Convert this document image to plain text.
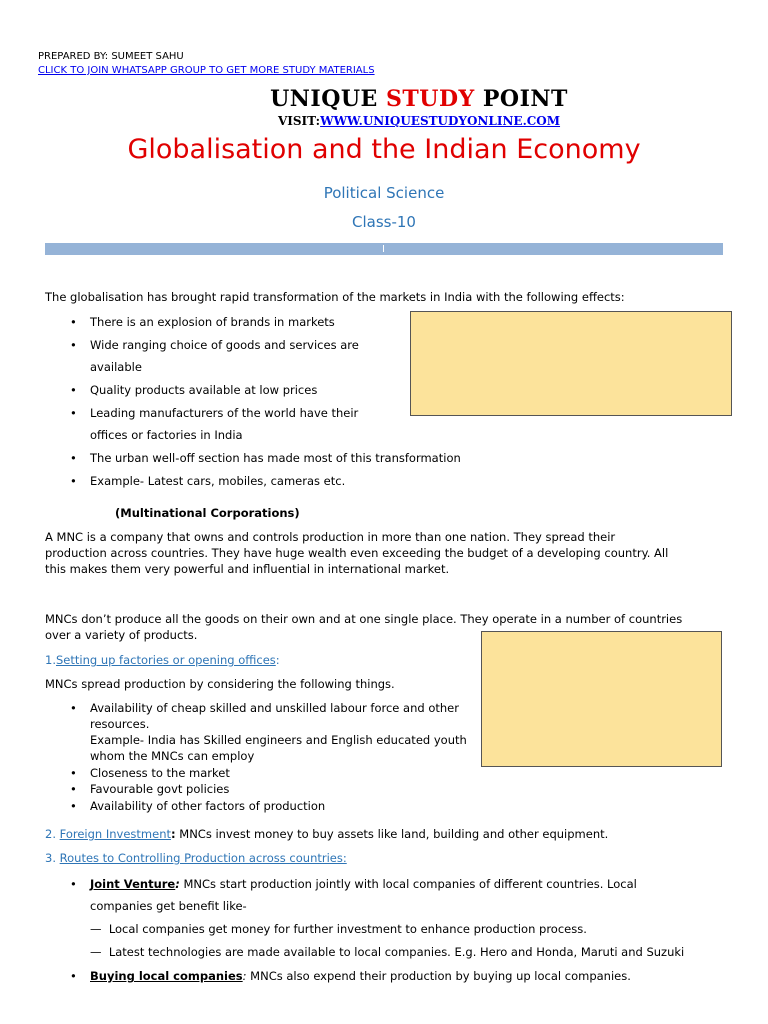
PREPARED BY: SUMEET SAHU
CLICK TO JOIN WHATSAPP GROUP TO GET MORE STUDY MATERIALS
UNIQUE STUDY POINT
VISIT:WWW.UNIQUESTUDYONLINE.COM
Globalisation and the Indian Economy
Political Science
Class-10
The globalisation has brought rapid transformation of the markets in India with the following effects:
• There is an explosion of brands in markets
• Wide ranging choice of goods and services are
available
• Quality products available at low prices
• Leading manufacturers of the world have their
offices or factories in India
• The urban well-off section has made most of this transformation
• Example- Latest cars, mobiles, cameras etc.
(Multinational Corporations)
A MNC is a company that owns and controls production in more than one nation. They spread their
production across countries. They have huge wealth even exceeding the budget of a developing country. All
this makes them very powerful and influential in international market.
MNCs don’t produce all the goods on their own and at one single place. They operate in a number of countries
over a variety of products.
1.Setting up factories or opening offices:
MNCs spread production by considering the following things.
• Availability of cheap skilled and unskilled labour force and other
resources.
Example- India has Skilled engineers and English educated youth
whom the MNCs can employ
• Closeness to the market
• Favourable govt policies
• Availability of other factors of production
2. Foreign Investment: MNCs invest money to buy assets like land, building and other equipment.
3. Routes to Controlling Production across countries:
• Joint Venture: MNCs start production jointly with local companies of different countries. Local
companies get benefit like-
— Local companies get money for further investment to enhance production process.
— Latest technologies are made available to local companies. E.g. Hero and Honda, Maruti and Suzuki
• Buying local companies: MNCs also expend their production by buying up local companies.
